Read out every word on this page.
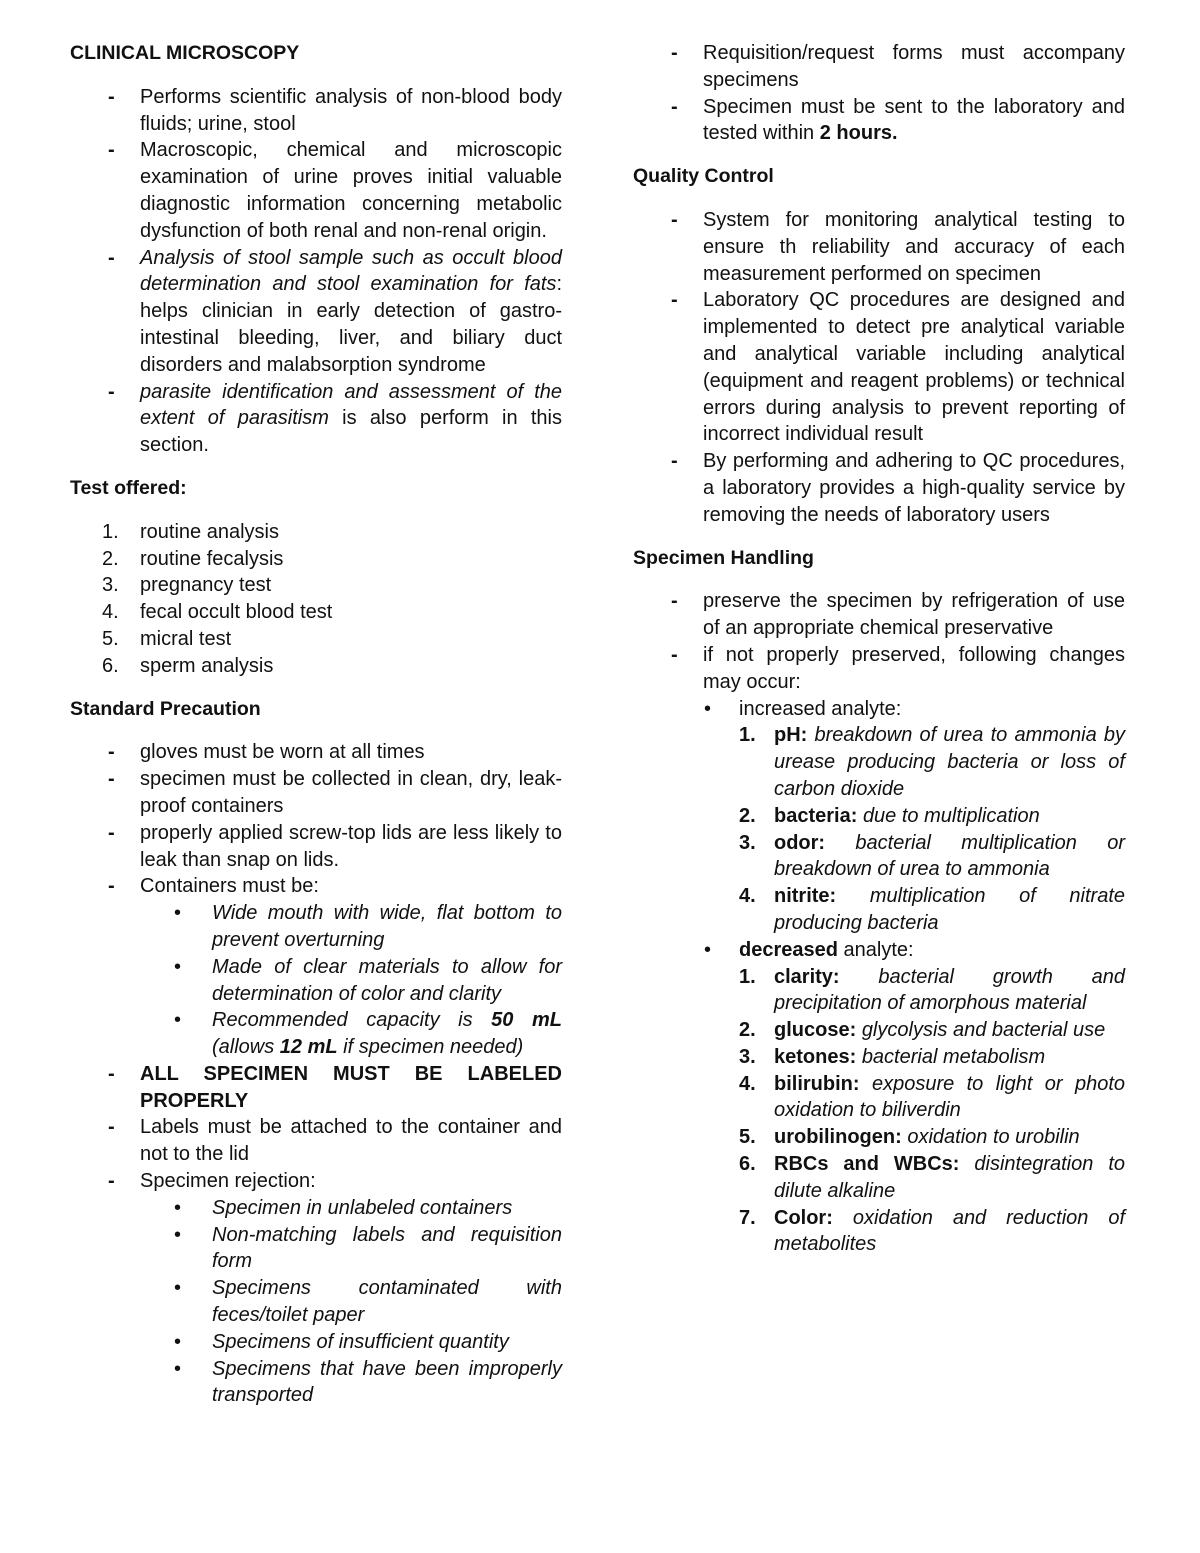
CLINICAL MICROSCOPY
- Performs scientific analysis of non-blood body fluids; urine, stool
- Macroscopic, chemical and microscopic examination of urine proves initial valuable diagnostic information concerning metabolic dysfunction of both renal and non-renal origin.
- Analysis of stool sample such as occult blood determination and stool examination for fats: helps clinician in early detection of gastro-intestinal bleeding, liver, and biliary duct disorders and malabsorption syndrome
- parasite identification and assessment of the extent of parasitism is also perform in this section.
Test offered:
1. routine analysis
2. routine fecalysis
3. pregnancy test
4. fecal occult blood test
5. micral test
6. sperm analysis
Standard Precaution
- gloves must be worn at all times
- specimen must be collected in clean, dry, leak-proof containers
- properly applied screw-top lids are less likely to leak than snap on lids.
- Containers must be:
• Wide mouth with wide, flat bottom to prevent overturning
• Made of clear materials to allow for determination of color and clarity
• Recommended capacity is 50 mL (allows 12 mL if specimen needed)
- ALL SPECIMEN MUST BE LABELED PROPERLY
- Labels must be attached to the container and not to the lid
- Specimen rejection:
• Specimen in unlabeled containers
• Non-matching labels and requisition form
• Specimens contaminated with feces/toilet paper
• Specimens of insufficient quantity
• Specimens that have been improperly transported
- Requisition/request forms must accompany specimens
- Specimen must be sent to the laboratory and tested within 2 hours.
Quality Control
- System for monitoring analytical testing to ensure th reliability and accuracy of each measurement performed on specimen
- Laboratory QC procedures are designed and implemented to detect pre analytical variable and analytical variable including analytical (equipment and reagent problems) or technical errors during analysis to prevent reporting of incorrect individual result
- By performing and adhering to QC procedures, a laboratory provides a high-quality service by removing the needs of laboratory users
Specimen Handling
- preserve the specimen by refrigeration of use of an appropriate chemical preservative
- if not properly preserved, following changes may occur:
• increased analyte:
1. pH: breakdown of urea to ammonia by urease producing bacteria or loss of carbon dioxide
2. bacteria: due to multiplication
3. odor: bacterial multiplication or breakdown of urea to ammonia
4. nitrite: multiplication of nitrate producing bacteria
• decreased analyte:
1. clarity: bacterial growth and precipitation of amorphous material
2. glucose: glycolysis and bacterial use
3. ketones: bacterial metabolism
4. bilirubin: exposure to light or photo oxidation to biliverdin
5. urobilinogen: oxidation to urobilin
6. RBCs and WBCs: disintegration to dilute alkaline
7. Color: oxidation and reduction of metabolites
